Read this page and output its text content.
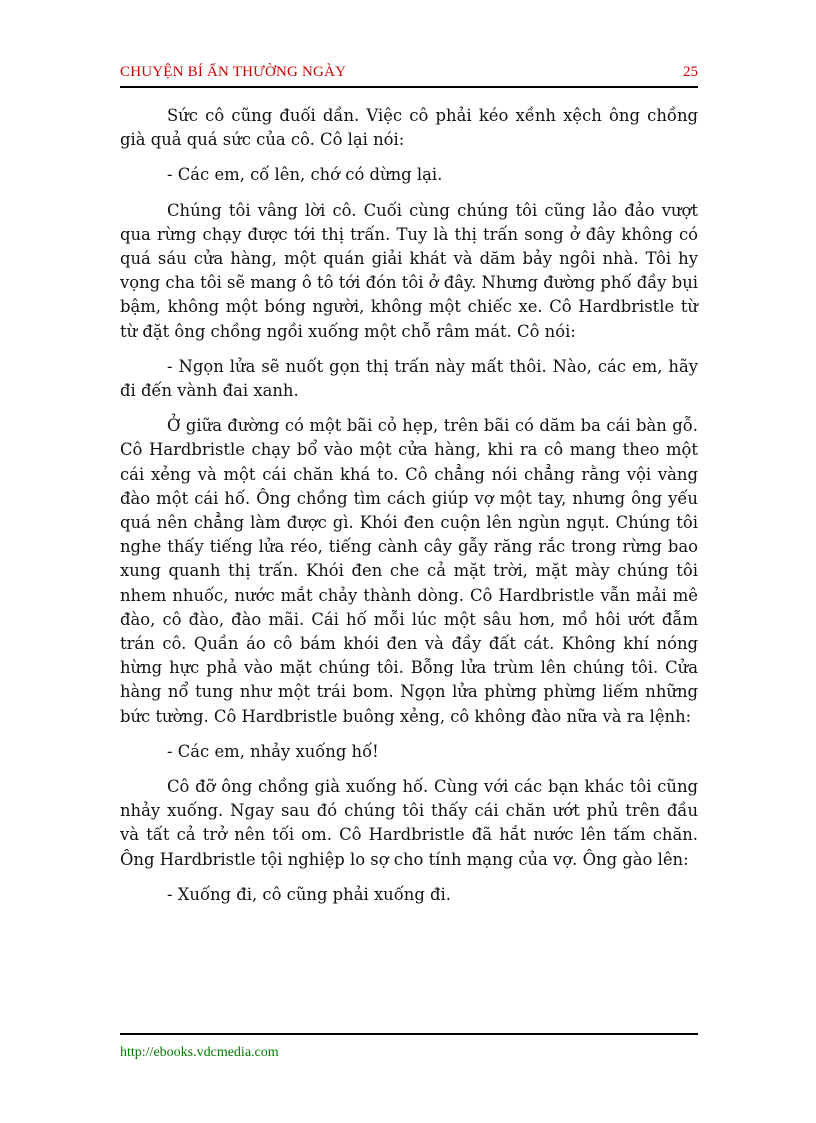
CHUYỆN BÍ ẨN THƯỜNG NGÀY	25

Sức cô cũng đuối dần. Việc cô phải kéo xềnh xệch ông chồng già quả quá sức của cô. Cô lại nói:

- Các em, cố lên, chớ có dừng lại.

Chúng tôi vâng lời cô. Cuối cùng chúng tôi cũng lảo đảo vượt qua rừng chạy được tới thị trấn. Tuy là thị trấn song ở đây không có quá sáu cửa hàng, một quán giải khát và dăm bảy ngôi nhà. Tôi hy vọng cha tôi sẽ mang ô tô tới đón tôi ở đây. Nhưng đường phố đầy bụi bậm, không một bóng người, không một chiếc xe. Cô Hardbristle từ từ đặt ông chồng ngồi xuống một chỗ râm mát. Cô nói:

- Ngọn lửa sẽ nuốt gọn thị trấn này mất thôi. Nào, các em, hãy đi đến vành đai xanh.

Ở giữa đường có một bãi cỏ hẹp, trên bãi có dăm ba cái bàn gỗ. Cô Hardbristle chạy bổ vào một cửa hàng, khi ra cô mang theo một cái xẻng và một cái chăn khá to. Cô chẳng nói chẳng rằng vội vàng đào một cái hố. Ông chồng tìm cách giúp vợ một tay, nhưng ông yếu quá nên chẳng làm được gì. Khói đen cuộn lên ngùn ngụt. Chúng tôi nghe thấy tiếng lửa réo, tiếng cành cây gẫy răng rắc trong rừng bao xung quanh thị trấn. Khói đen che cả mặt trời, mặt mày chúng tôi nhem nhuốc, nước mắt chảy thành dòng. Cô Hardbristle vẫn mải mê đào, cô đào, đào mãi. Cái hố mỗi lúc một sâu hơn, mồ hôi ướt đẫm trán cô. Quần áo cô bám khói đen và đầy đất cát. Không khí nóng hừng hực phả vào mặt chúng tôi. Bỗng lửa trùm lên chúng tôi. Cửa hàng nổ tung như một trái bom. Ngọn lửa phừng phừng liếm những bức tường. Cô Hardbristle buông xẻng, cô không đào nữa và ra lệnh:

- Các em, nhảy xuống hố!

Cô đỡ ông chồng già xuống hố. Cùng với các bạn khác tôi cũng nhảy xuống. Ngay sau đó chúng tôi thấy cái chăn ướt phủ trên đầu và tất cả trở nên tối om. Cô Hardbristle đã hắt nước lên tấm chăn. Ông Hardbristle tội nghiệp lo sợ cho tính mạng của vợ. Ông gào lên:

- Xuống đi, cô cũng phải xuống đi.

http://ebooks.vdcmedia.com
